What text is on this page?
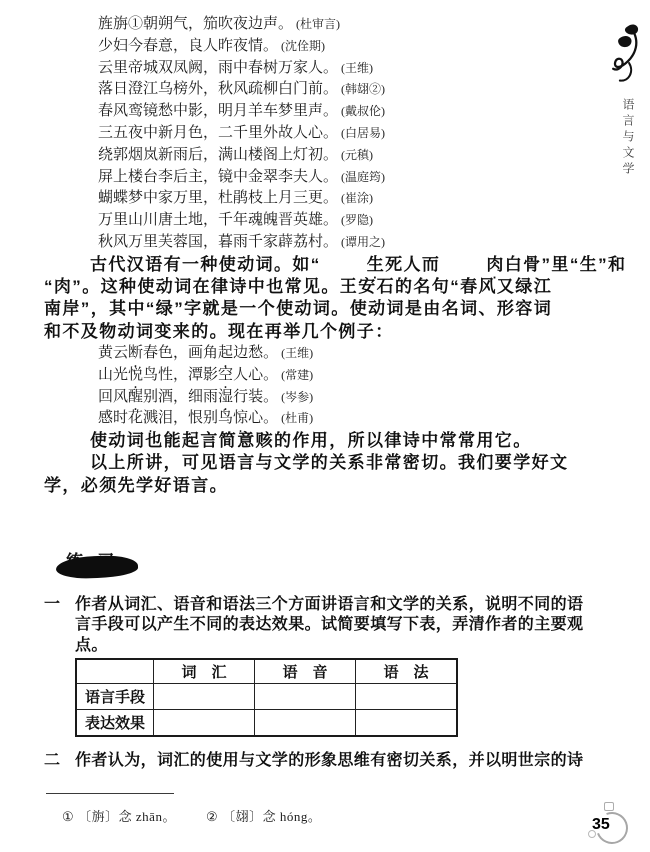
旌旃①朝朔气，笳吹夜边声。 (杜审言)
少妇今春意，良人昨夜情。 (沈佺期)
云里帝城双凤阙，雨中春树万家人。 (王维)
落日澄江乌榜外，秋风疏柳白门前。 (韩翃②)
春风鸾镜愁中影，明月羊车梦里声。 (戴叔伦)
三五夜中新月色，二千里外故人心。 (白居易)
绕郭烟岚新雨后，满山楼阁上灯初。 (元稹)
屏上楼台李后主，镜中金翠李夫人。 (温庭筠)
蝴蝶梦中家万里，杜鹃枝上月三更。 (崔涂)
万里山川唐土地，千年魂魄晋英雄。 (罗隐)
秋风万里芙蓉国，暮雨千家薜荔村。 (谭用之)
古代汉语有一种使动词。如“	生死人而	肉白骨”里“生”和
“肉”。这种使动词在律诗中也常见。王安石的名句“春风又绿江
南岸”，其中“绿”字就是一个使动词。使动词是由名词、形容词
和不及物动词变来的。现在再举几个例子：
黄云断春色，画角起边愁。 (王维)
山光悦鸟性，潭影空人心。 (常建)
回风醒别酒，细雨湿行装。 (岑参)
感时花溅泪，恨别鸟惊心。 (杜甫)
使动词也能起言简意赅的作用，所以律诗中常常用它。
以上所讲，可见语言与文学的关系非常密切。我们要学好文
学，必须先学好语言。
一 作者从词汇、语音和语法三个方面讲语言和文学的关系，说明不同的语
言手段可以产生不同的表达效果。试简要填写下表，弄清作者的主要观
点。
	词　汇	语　音	语　法
语言手段			
表达效果			
二 作者认为，词汇的使用与文学的形象思维有密切关系，并以明世宗的诗
① 〔旃〕念 zhān。 ② 〔翃〕念 hóng。
语言与文学
35
